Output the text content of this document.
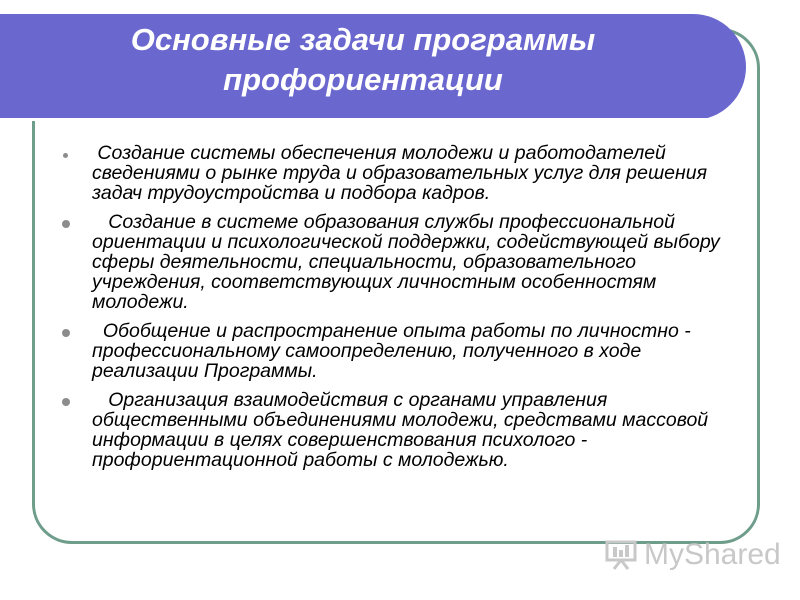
Основные задачи программы
профориентации
Создание системы обеспечения молодежи и работодателей сведениями о рынке труда и образовательных услуг для решения задач трудоустройства и подбора кадров.
Создание в системе образования службы профессиональной ориентации и психологической поддержки, содействующей выбору сферы деятельности, специальности, образовательного учреждения, соответствующих личностным особенностям молодежи.
Обобщение и распространение опыта работы по личностно - профессиональному самоопределению, полученного в ходе реализации Программы.
Организация взаимодействия с органами управления общественными объединениями молодежи, средствами массовой информации в целях совершенствования психолого - профориентационной работы с молодежью.
MyShared
